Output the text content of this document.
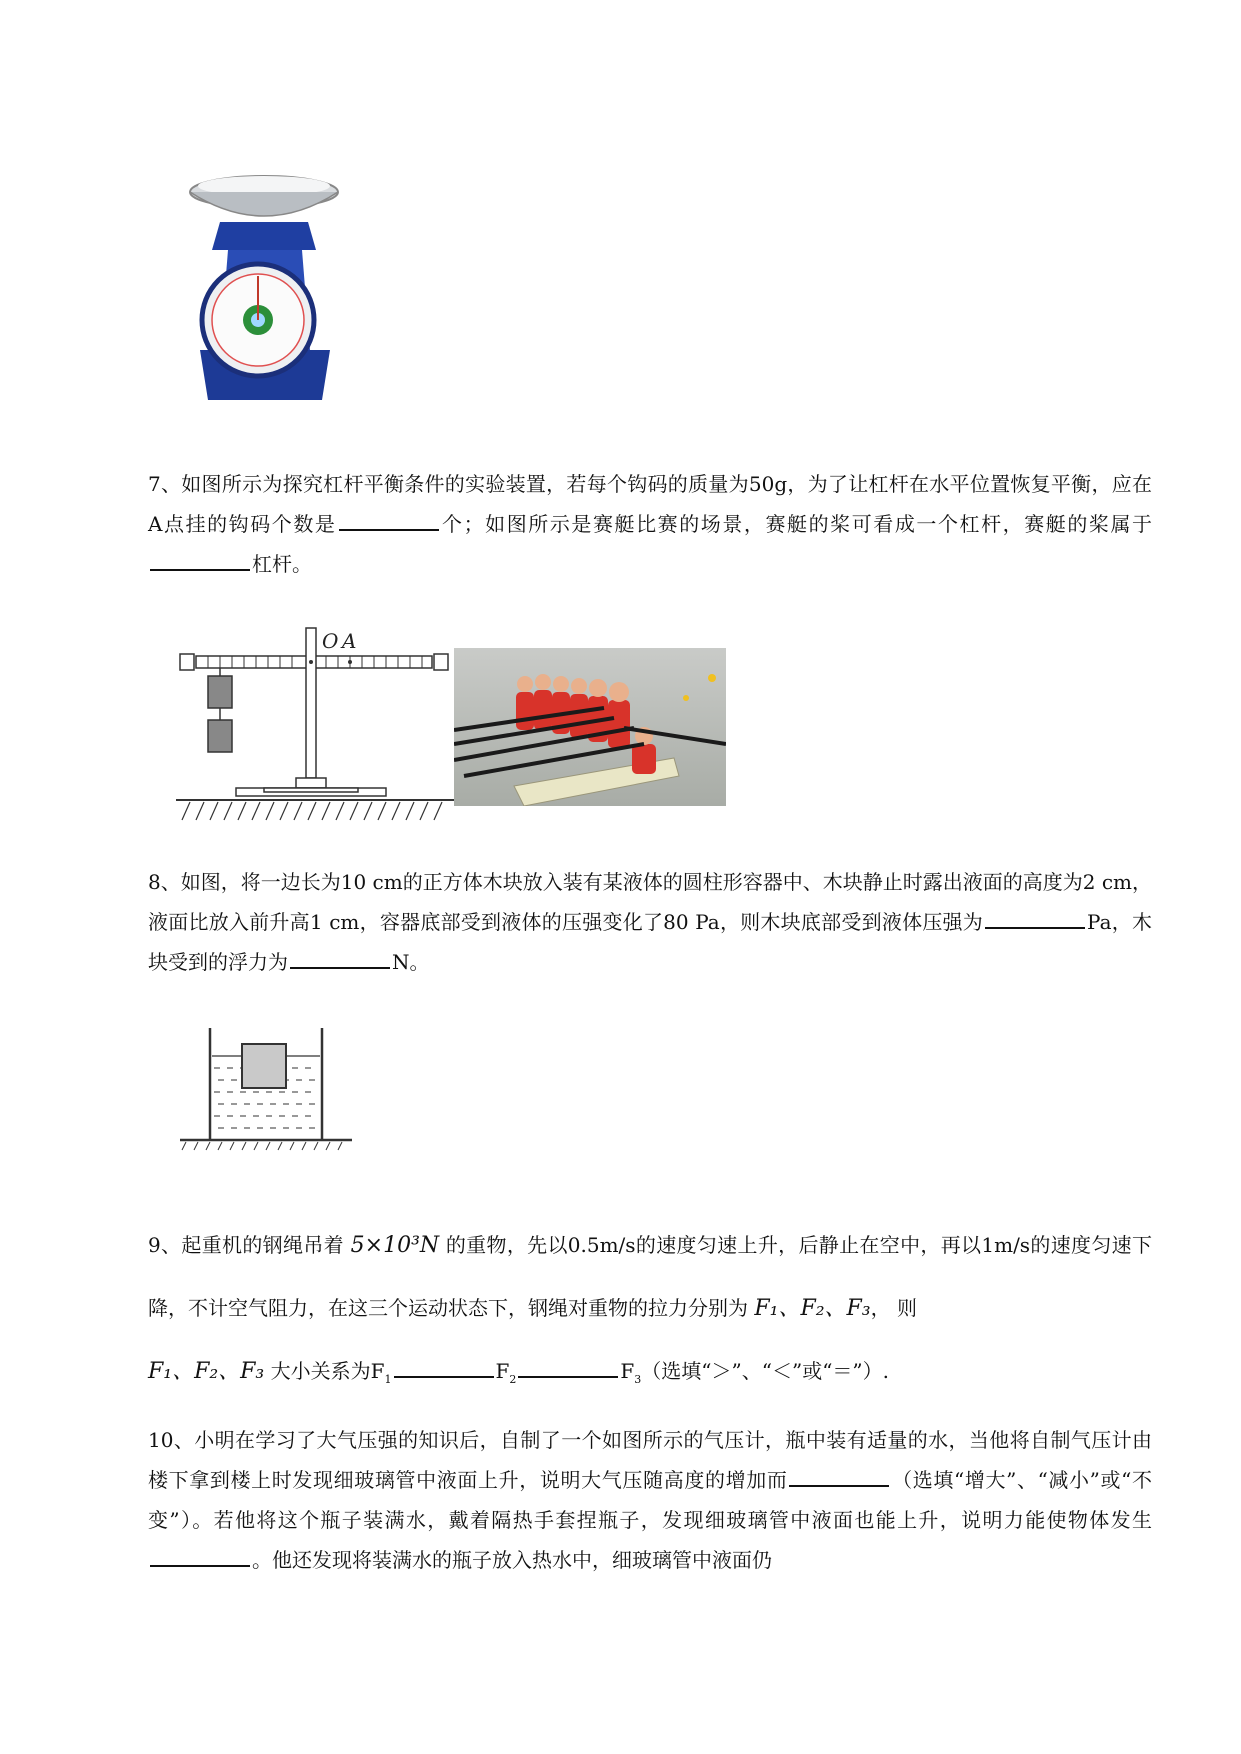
7、如图所示为探究杠杆平衡条件的实验装置，若每个钩码的质量为50g，为了让杠杆在水平位置恢复平衡，应在A点挂的钩码个数是	个；如图所示是赛艇比赛的场景，赛艇的桨可看成一个杠杆，赛艇的桨属于杠杆。

O A

8、如图，将一边长为10 cm的正方体木块放入装有某液体的圆柱形容器中、木块静止时露出液面的高度为2 cm，液面比放入前升高1 cm，容器底部受到液体的压强变化了80 Pa，则木块底部受到液体压强为	Pa，木块受到的浮力为	N。

9、起重机的钢绳吊着 5×10³N 的重物，先以0.5m/s的速度匀速上升，后静止在空中，再以1m/s的速度匀速下降，不计空气阻力，在这三个运动状态下，钢绳对重物的拉力分别为 F₁、F₂、F₃， 则
F₁、F₂、F₃ 大小关系为$F_1$	$F_2$	$F_3$（选填“＞”、“＜”或“＝”）.

10、小明在学习了大气压强的知识后，自制了一个如图所示的气压计，瓶中装有适量的水，当他将自制气压计由楼下拿到楼上时发现细玻璃管中液面上升，说明大气压随高度的增加而	（选填“增大”、“减小”或“不变”）。若他将这个瓶子装满水，戴着隔热手套捏瓶子，发现细玻璃管中液面也能上升，说明力能使物体发生。他还发现将装满水的瓶子放入热水中，细玻璃管中液面仍
